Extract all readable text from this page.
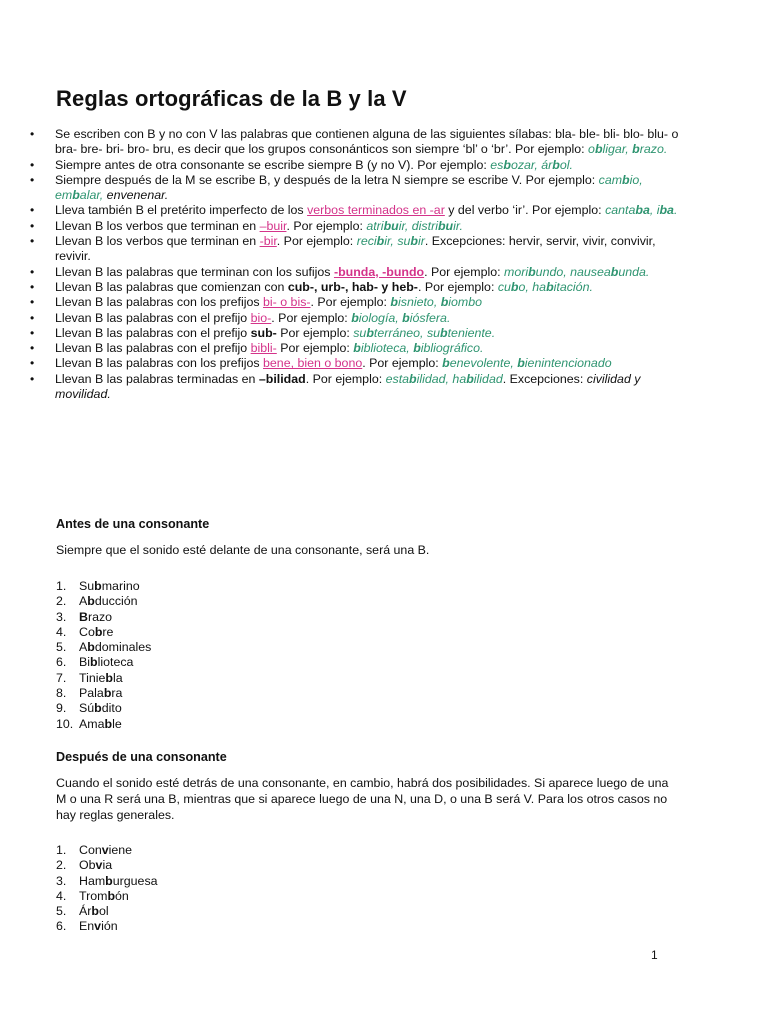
Reglas ortográficas de la B y la V
• Se escriben con B y no con V las palabras que contienen alguna de las siguientes sílabas: bla- ble- bli- blo- blu- o bra- bre- bri- bro- bru, es decir que los grupos consonánticos son siempre ‘bl’ o ‘br’. Por ejemplo: obligar, brazo.
• Siempre antes de otra consonante se escribe siempre B (y no V). Por ejemplo: esbozar, árbol.
• Siempre después de la M se escribe B, y después de la letra N siempre se escribe V. Por ejemplo: cambio, embalar, envenenar.
• Lleva también B el pretérito imperfecto de los verbos terminados en -ar y del verbo ‘ir’. Por ejemplo: cantaba, iba.
• Llevan B los verbos que terminan en –buir. Por ejemplo: atribuir, distribuir.
• Llevan B los verbos que terminan en -bir. Por ejemplo: recibir, subir. Excepciones: hervir, servir, vivir, convivir, revivir.
• Llevan B las palabras que terminan con los sufijos -bunda, -bundo. Por ejemplo: moribundo, nauseabunda.
• Llevan B las palabras que comienzan con cub-, urb-, hab- y heb-. Por ejemplo: cubo, habitación.
• Llevan B las palabras con los prefijos bi- o bis-. Por ejemplo: bisnieto, biombo
• Llevan B las palabras con el prefijo bio-. Por ejemplo: biología, biósfera.
• Llevan B las palabras con el prefijo sub- Por ejemplo: subterráneo, subteniente.
• Llevan B las palabras con el prefijo bibli- Por ejemplo: biblioteca, bibliográfico.
• Llevan B las palabras con los prefijos bene, bien o bono. Por ejemplo: benevolente, bienintencionado
• Llevan B las palabras terminadas en –bilidad. Por ejemplo: estabilidad, habilidad. Excepciones: civilidad y movilidad.
Antes de una consonante
Siempre que el sonido esté delante de una consonante, será una B.
1. Submarino
2. Abducción
3. Brazo
4. Cobre
5. Abdominales
6. Biblioteca
7. Tiniebla
8. Palabra
9. Súbdito
10. Amable
Después de una consonante
Cuando el sonido esté detrás de una consonante, en cambio, habrá dos posibilidades. Si aparece luego de una M o una R será una B, mientras que si aparece luego de una N, una D, o una B será V. Para los otros casos no hay reglas generales.
1. Conviene
2. Obvia
3. Hamburguesa
4. Trombón
5. Árbol
6. Envión
1
